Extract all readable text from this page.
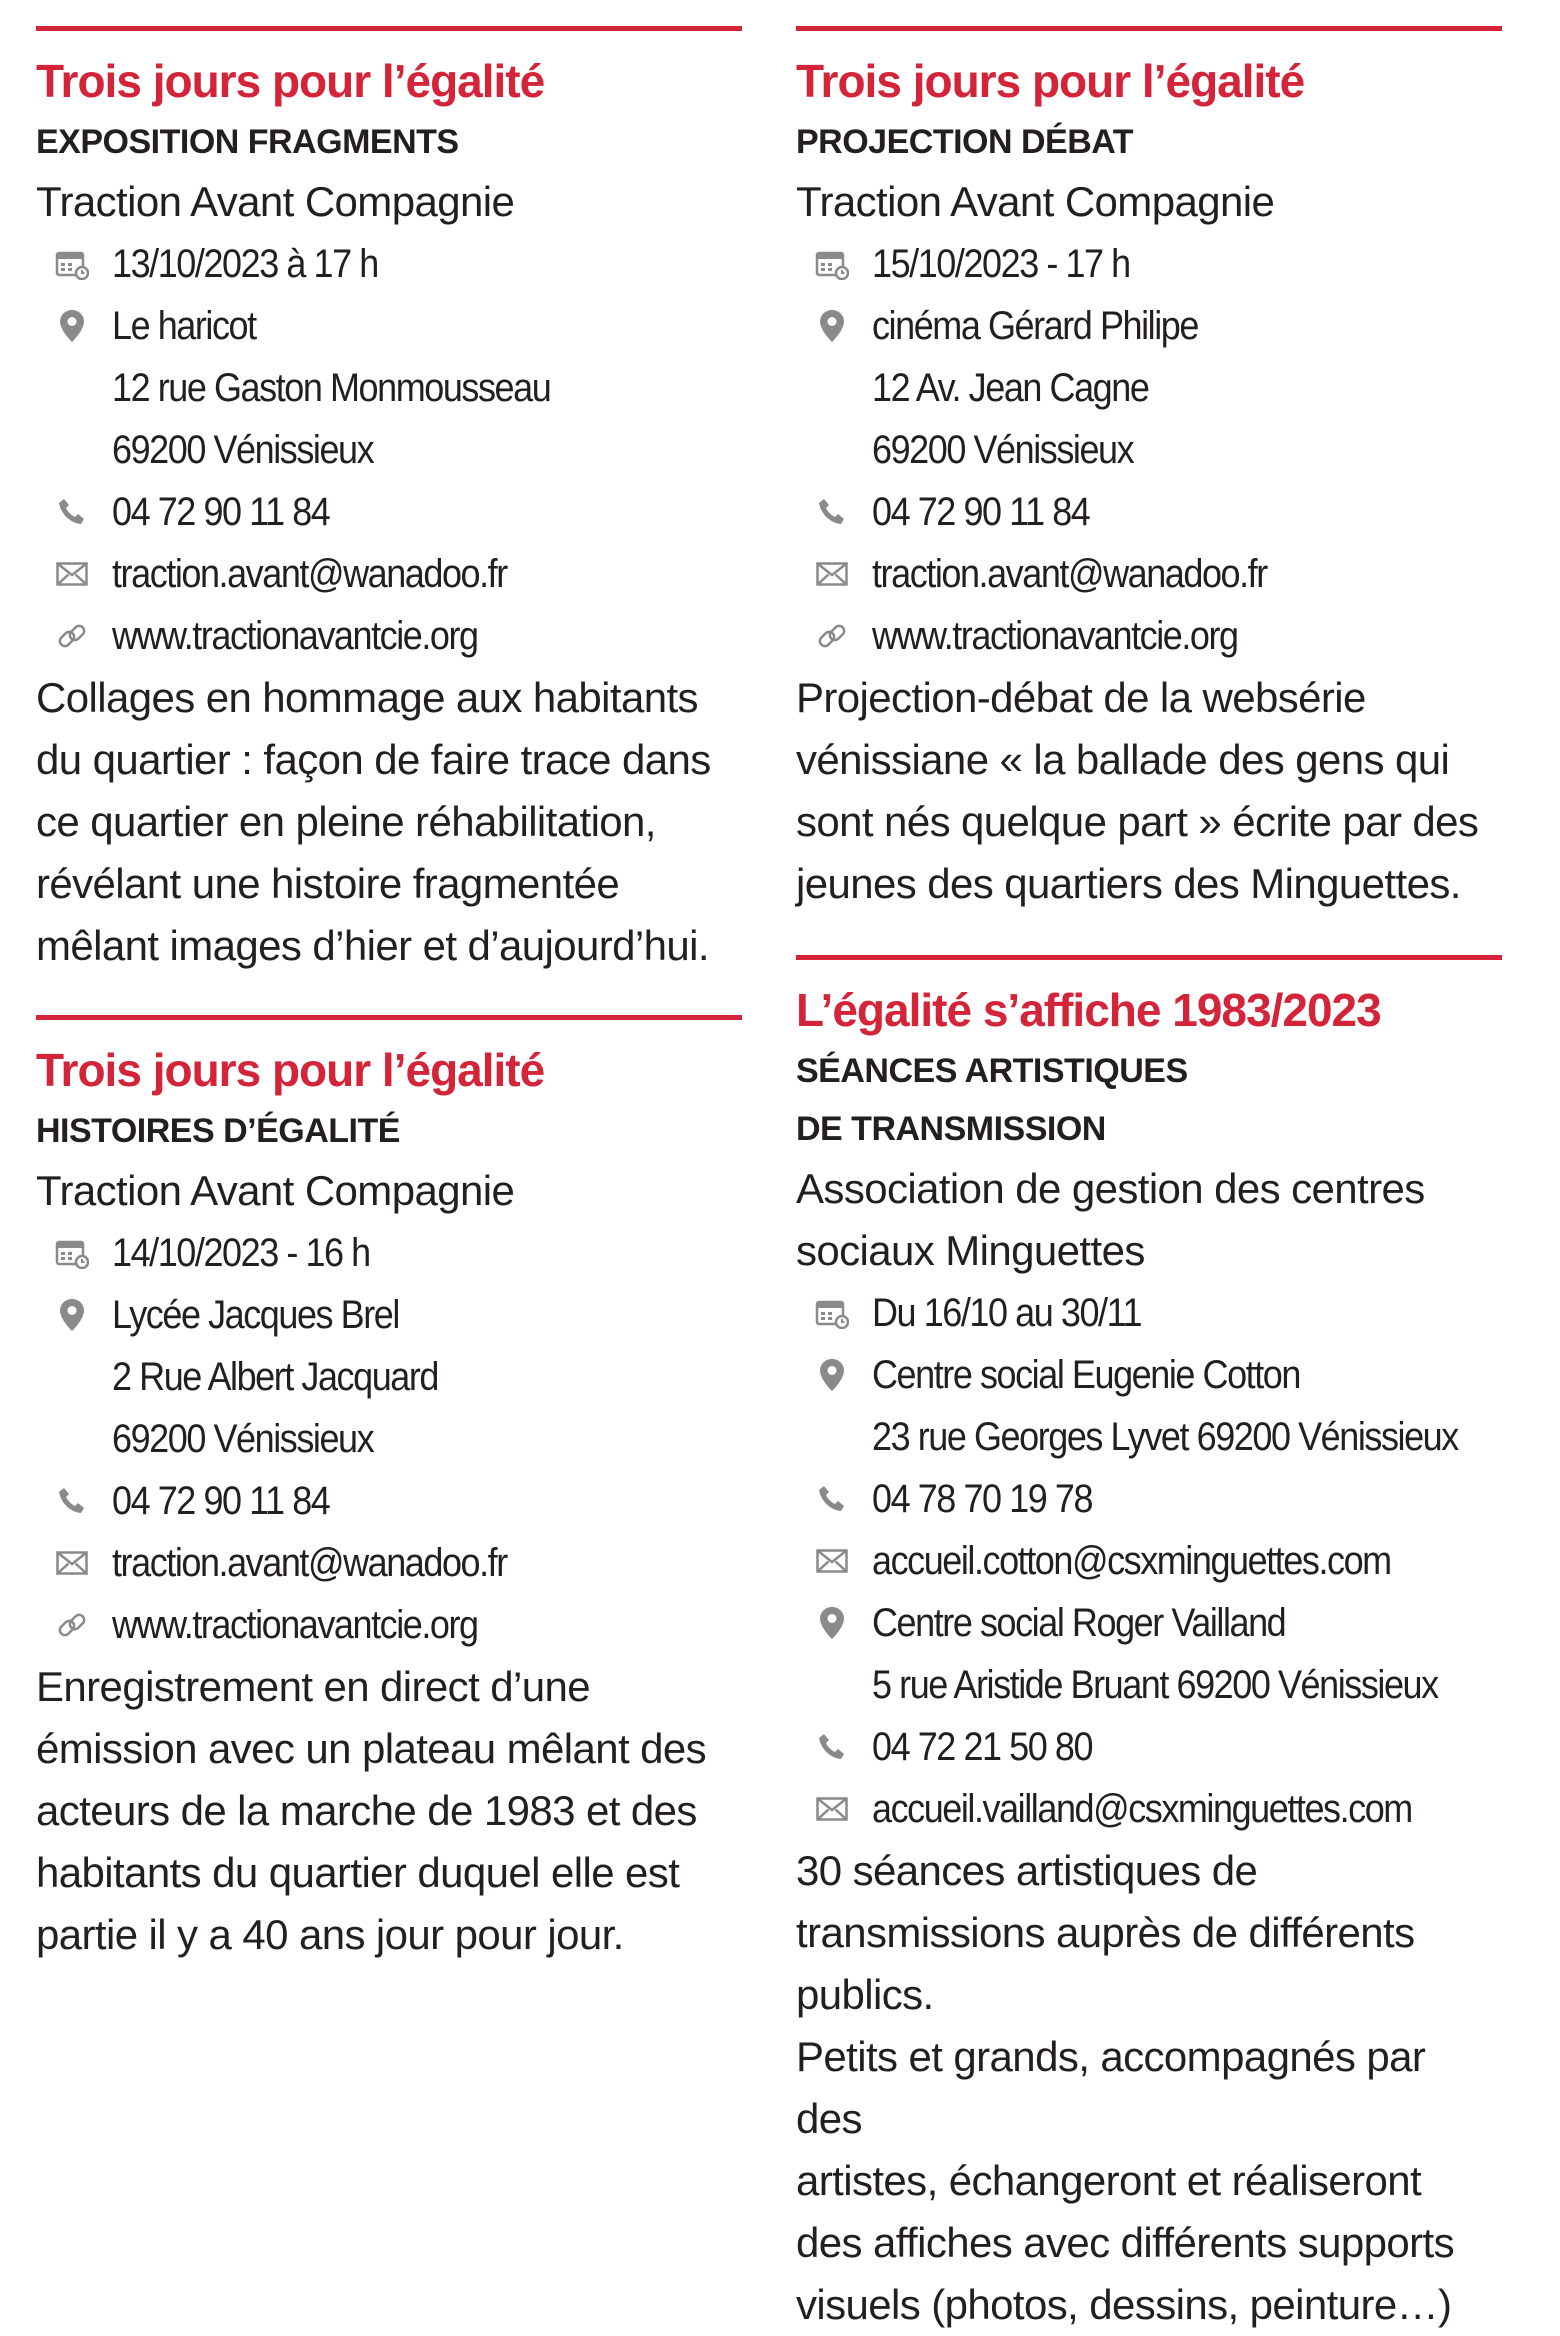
Trois jours pour l’égalité
EXPOSITION FRAGMENTS
Traction Avant Compagnie
13/10/2023 à 17 h
Le haricot
12 rue Gaston Monmousseau
69200 Vénissieux
04 72 90 11 84
traction.avant@wanadoo.fr
www.tractionavantcie.org

Collages en hommage aux habitants

du quartier : façon de faire trace dans

ce quartier en pleine réhabilitation,

révélant une histoire fragmentée

mêlant images d’hier et d’aujourd’hui.

Trois jours pour l’égalité
HISTOIRES D’ÉGALITÉ
Traction Avant Compagnie
14/10/2023 - 16 h
Lycée Jacques Brel
2 Rue Albert Jacquard
69200 Vénissieux
04 72 90 11 84
traction.avant@wanadoo.fr
www.tractionavantcie.org

Enregistrement en direct d’une

émission avec un plateau mêlant des

acteurs de la marche de 1983 et des

habitants du quartier duquel elle est

partie il y a 40 ans jour pour jour.

Trois jours pour l’égalité
PROJECTION DÉBAT
Traction Avant Compagnie
15/10/2023 - 17 h
cinéma Gérard Philipe
12 Av. Jean Cagne
69200 Vénissieux
04 72 90 11 84
traction.avant@wanadoo.fr
www.tractionavantcie.org

Projection-débat de la websérie

vénissiane « la ballade des gens qui

sont nés quelque part » écrite par des

jeunes des quartiers des Minguettes.

L’égalité s’affiche 1983/2023
SÉANCES ARTISTIQUES
DE TRANSMISSION
Association de gestion des centres
sociaux Minguettes
Du 16/10 au 30/11
Centre social Eugenie Cotton
23 rue Georges Lyvet 69200 Vénissieux
04 78 70 19 78
accueil.cotton@csxminguettes.com
Centre social Roger Vailland
5 rue Aristide Bruant 69200 Vénissieux
04 72 21 50 80
accueil.vailland@csxminguettes.com

30 séances artistiques de

transmissions auprès de différents

publics.

Petits et grands, accompagnés par des

artistes, échangeront et réaliseront

des affiches avec différents supports

visuels (photos, dessins, peinture…)
